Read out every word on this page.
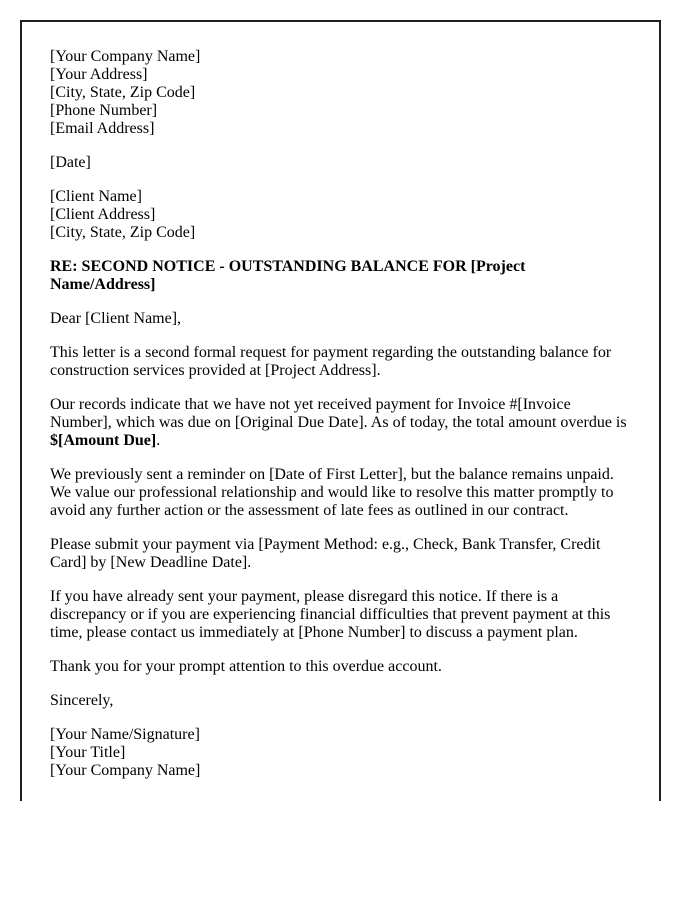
[Your Company Name]
[Your Address]
[City, State, Zip Code]
[Phone Number]
[Email Address]
[Date]
[Client Name]
[Client Address]
[City, State, Zip Code]
RE: SECOND NOTICE - OUTSTANDING BALANCE FOR [Project Name/Address]
Dear [Client Name],

This letter is a second formal request for payment regarding the outstanding balance for construction services provided at [Project Address].

Our records indicate that we have not yet received payment for Invoice #[Invoice Number], which was due on [Original Due Date]. As of today, the total amount overdue is $[Amount Due].

We previously sent a reminder on [Date of First Letter], but the balance remains unpaid. We value our professional relationship and would like to resolve this matter promptly to avoid any further action or the assessment of late fees as outlined in our contract.

Please submit your payment via [Payment Method: e.g., Check, Bank Transfer, Credit Card] by [New Deadline Date].

If you have already sent your payment, please disregard this notice. If there is a discrepancy or if you are experiencing financial difficulties that prevent payment at this time, please contact us immediately at [Phone Number] to discuss a payment plan.

Thank you for your prompt attention to this overdue account.

Sincerely,
[Your Name/Signature]
[Your Title]
[Your Company Name]
